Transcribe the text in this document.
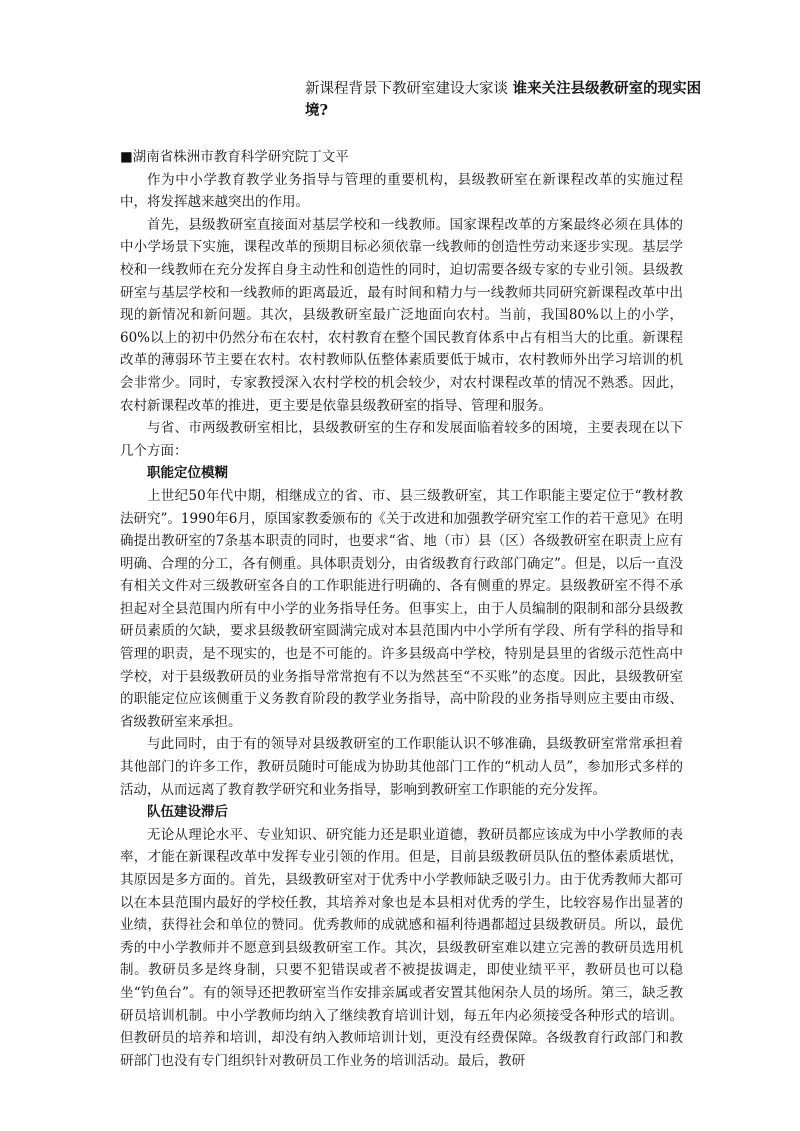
新课程背景下教研室建设大家谈 谁来关注县级教研室的现实困境?

■湖南省株洲市教育科学研究院丁文平

作为中小学教育教学业务指导与管理的重要机构，县级教研室在新课程改革的实施过程中，将发挥越来越突出的作用。

首先，县级教研室直接面对基层学校和一线教师。国家课程改革的方案最终必须在具体的中小学场景下实施，课程改革的预期目标必须依靠一线教师的创造性劳动来逐步实现。基层学校和一线教师在充分发挥自身主动性和创造性的同时，迫切需要各级专家的专业引领。县级教研室与基层学校和一线教师的距离最近，最有时间和精力与一线教师共同研究新课程改革中出现的新情况和新问题。其次，县级教研室最广泛地面向农村。当前，我国80%以上的小学，60%以上的初中仍然分布在农村，农村教育在整个国民教育体系中占有相当大的比重。新课程改革的薄弱环节主要在农村。农村教师队伍整体素质要低于城市，农村教师外出学习培训的机会非常少。同时，专家教授深入农村学校的机会较少，对农村课程改革的情况不熟悉。因此，农村新课程改革的推进，更主要是依靠县级教研室的指导、管理和服务。

与省、市两级教研室相比，县级教研室的生存和发展面临着较多的困境，主要表现在以下几个方面：

职能定位模糊

上世纪50年代中期，相继成立的省、市、县三级教研室，其工作职能主要定位于“教材教法研究”。1990年6月，原国家教委颁布的《关于改进和加强教学研究室工作的若干意见》在明确提出教研室的7条基本职责的同时，也要求“省、地（市）县（区）各级教研室在职责上应有明确、合理的分工，各有侧重。具体职责划分，由省级教育行政部门确定”。但是，以后一直没有相关文件对三级教研室各自的工作职能进行明确的、各有侧重的界定。县级教研室不得不承担起对全县范围内所有中小学的业务指导任务。但事实上，由于人员编制的限制和部分县级教研员素质的欠缺，要求县级教研室圆满完成对本县范围内中小学所有学段、所有学科的指导和管理的职责，是不现实的，也是不可能的。许多县级高中学校，特别是县里的省级示范性高中学校，对于县级教研员的业务指导常常抱有不以为然甚至“不买账”的态度。因此，县级教研室的职能定位应该侧重于义务教育阶段的教学业务指导，高中阶段的业务指导则应主要由市级、省级教研室来承担。

与此同时，由于有的领导对县级教研室的工作职能认识不够准确，县级教研室常常承担着其他部门的许多工作，教研员随时可能成为协助其他部门工作的“机动人员”，参加形式多样的活动，从而远离了教育教学研究和业务指导，影响到教研室工作职能的充分发挥。

队伍建设滞后

无论从理论水平、专业知识、研究能力还是职业道德，教研员都应该成为中小学教师的表率，才能在新课程改革中发挥专业引领的作用。但是，目前县级教研员队伍的整体素质堪忧，其原因是多方面的。首先，县级教研室对于优秀中小学教师缺乏吸引力。由于优秀教师大都可以在本县范围内最好的学校任教，其培养对象也是本县相对优秀的学生，比较容易作出显著的业绩，获得社会和单位的赞同。优秀教师的成就感和福利待遇都超过县级教研员。所以，最优秀的中小学教师并不愿意到县级教研室工作。其次，县级教研室难以建立完善的教研员选用机制。教研员多是终身制，只要不犯错误或者不被提拔调走，即使业绩平平，教研员也可以稳坐“钓鱼台”。有的领导还把教研室当作安排亲属或者安置其他闲杂人员的场所。第三，缺乏教研员培训机制。中小学教师均纳入了继续教育培训计划，每五年内必须接受各种形式的培训。但教研员的培养和培训，却没有纳入教师培训计划，更没有经费保障。各级教育行政部门和教研部门也没有专门组织针对教研员工作业务的培训活动。最后，教研
